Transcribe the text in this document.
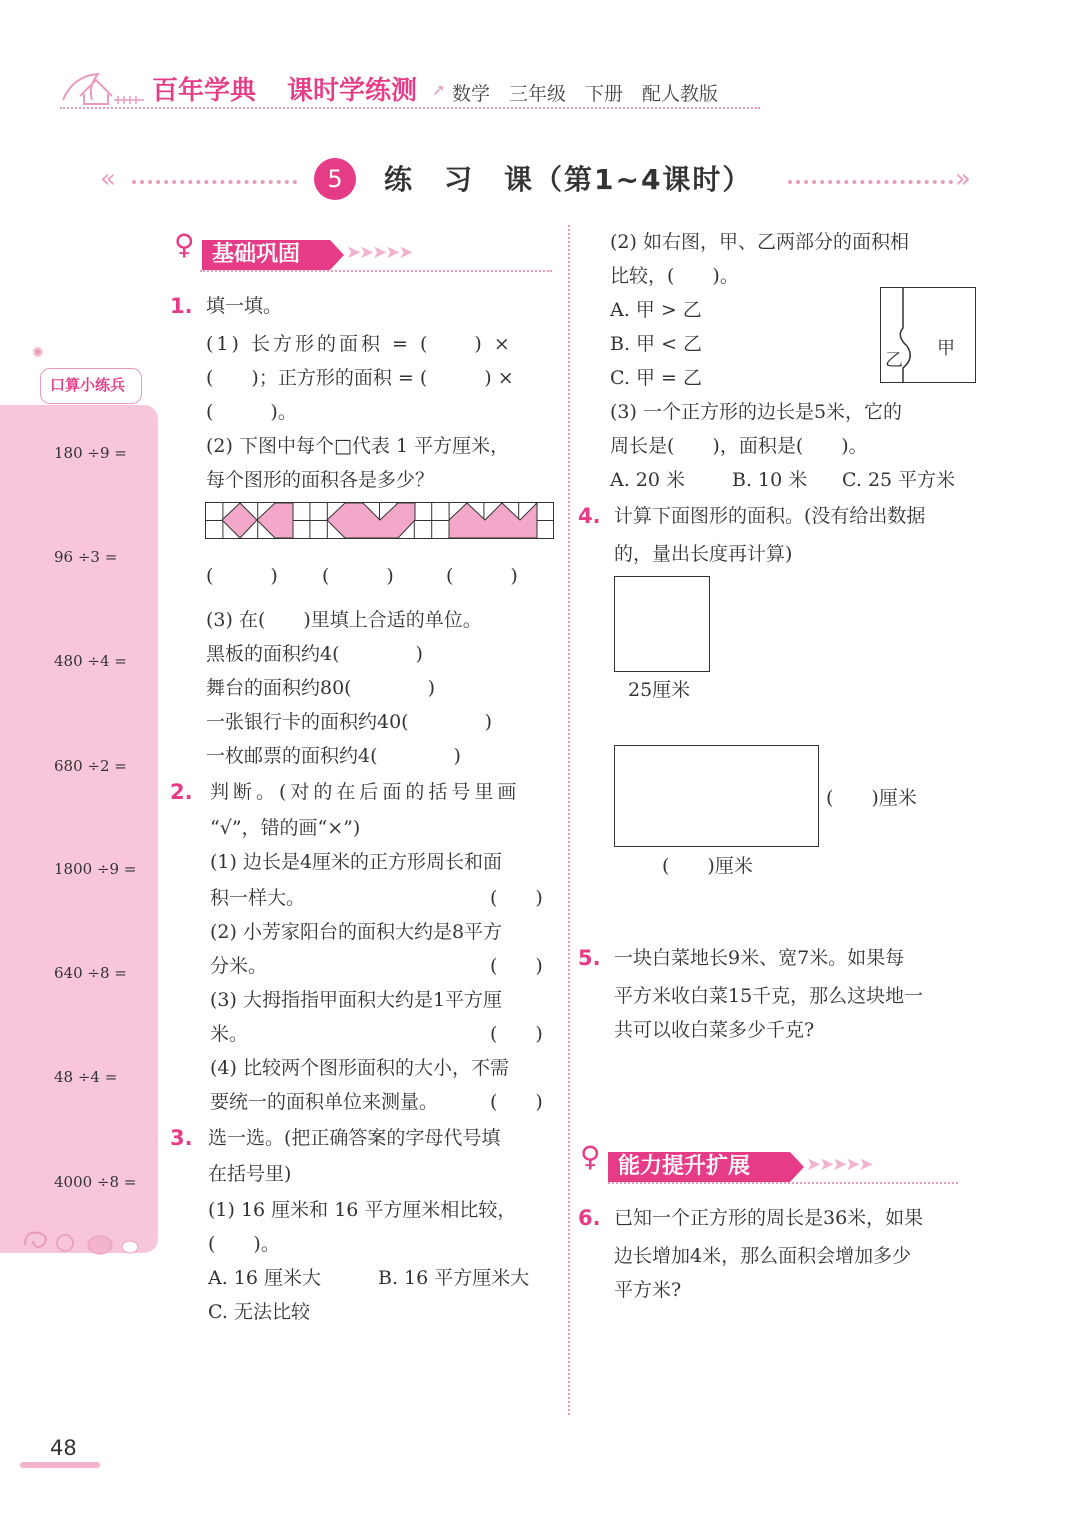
百年学典 课时学练测 ➚ 数学　三年级　下册　配人教版
«	5	练　习　课（第1~4课时）	»
✺
口算小练兵
180 ÷9 =
96 ÷3 =
480 ÷4 =
680 ÷2 =
1800 ÷9 =
640 ÷8 =
48 ÷4 =
4000 ÷8 =
♀ 基础巩固	➤➤➤➤➤
1. 填一填。
(1) 长方形的面积 = (　　) ×
(　　)；正方形的面积 = (　　　) ×
(　　　)。
(2) 下图中每个□代表 1 平方厘米，
每个图形的面积各是多少？
(　　　) (　　　)	(　　　)
(3) 在(　　)里填上合适的单位。
黑板的面积约4(　　　　)
舞台的面积约80(　　　　)
一张银行卡的面积约40(　　　　)
一枚邮票的面积约4(　　　　)
2. 判断。(对的在后面的括号里画
“√”，错的画“×”)
(1) 边长是4厘米的正方形周长和面
积一样大。	(　　)
(2) 小芳家阳台的面积大约是8平方
分米。	(　　)
(3) 大拇指指甲面积大约是1平方厘
米。	(　　)
(4) 比较两个图形面积的大小，不需
要统一的面积单位来测量。	(　　)
3. 选一选。(把正确答案的字母代号填
在括号里)
(1) 16 厘米和 16 平方厘米相比较，
(　　)。
A. 16 厘米大	B. 16 平方厘米大
C. 无法比较
(2) 如右图，甲、乙两部分的面积相
比较，(　　)。
A. 甲 > 乙
B. 甲 < 乙
C. 甲 = 乙
乙
甲
(3) 一个正方形的边长是5米，它的
周长是(　　)，面积是(　　)。
A. 20 米 B. 10 米 C. 25 平方米
4. 计算下面图形的面积。(没有给出数据
的，量出长度再计算)
25厘米
(　　)厘米
(　　)厘米
5. 一块白菜地长9米、宽7米。如果每
平方米收白菜15千克，那么这块地一
共可以收白菜多少千克?
♀ 能力提升扩展	➤➤➤➤➤
6. 已知一个正方形的周长是36米，如果
边长增加4米，那么面积会增加多少
平方米?
48
